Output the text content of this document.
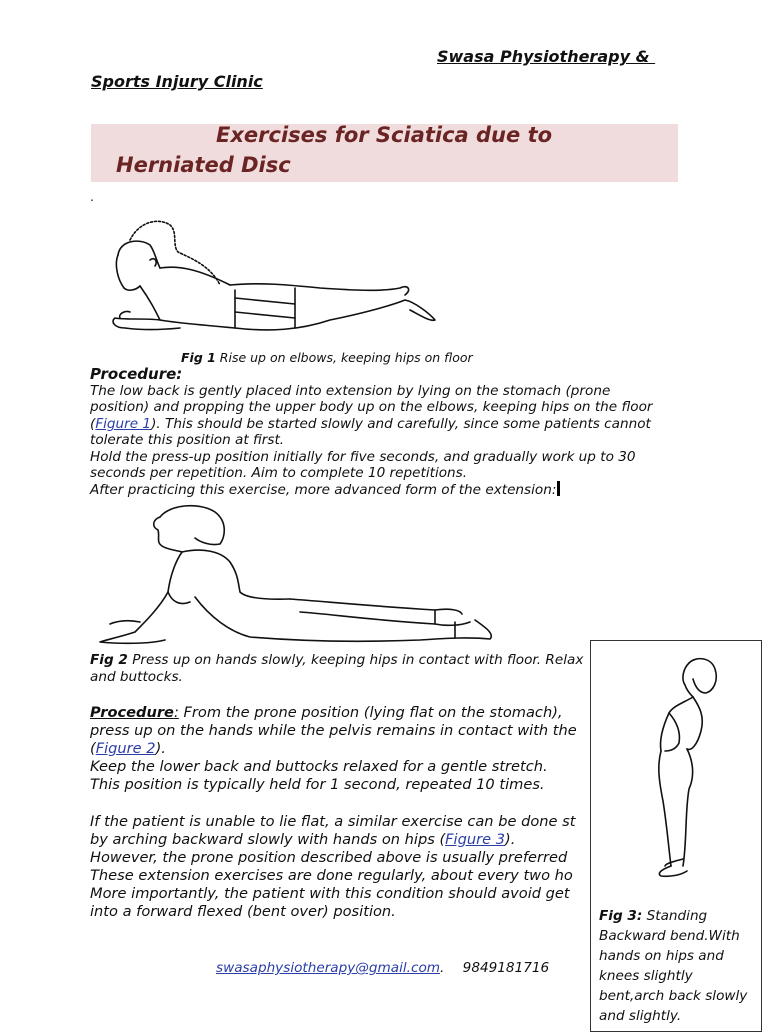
Swasa Physiotherapy &
Sports Injury Clinic
Exercises for Sciatica due to
Herniated Disc
.
Fig 1 Rise up on elbows, keeping hips on floor
Procedure:
The low back is gently placed into extension by lying on the stomach (prone
position) and propping the upper body up on the elbows, keeping hips on the floor
(Figure 1). This should be started slowly and carefully, since some patients cannot
tolerate this position at first.
Hold the press-up position initially for five seconds, and gradually work up to 30
seconds per repetition. Aim to complete 10 repetitions.
After practicing this exercise, more advanced form of the extension:
Fig 2 Press up on hands slowly, keeping hips in contact with floor. Relax
and buttocks.
Procedure: From the prone position (lying flat on the stomach),
press up on the hands while the pelvis remains in contact with the
(Figure 2).
Keep the lower back and buttocks relaxed for a gentle stretch.
This position is typically held for 1 second, repeated 10 times.
If the patient is unable to lie flat, a similar exercise can be done st
by arching backward slowly with hands on hips (Figure 3).
However, the prone position described above is usually preferred
These extension exercises are done regularly, about every two ho
More importantly, the patient with this condition should avoid get
into a forward flexed (bent over) position.	Fig 3: Standing Backward bend.With hands on hips and knees slightly bent,arch back slowly and slightly.
swasaphysiotherapy@gmail.com. 9849181716
